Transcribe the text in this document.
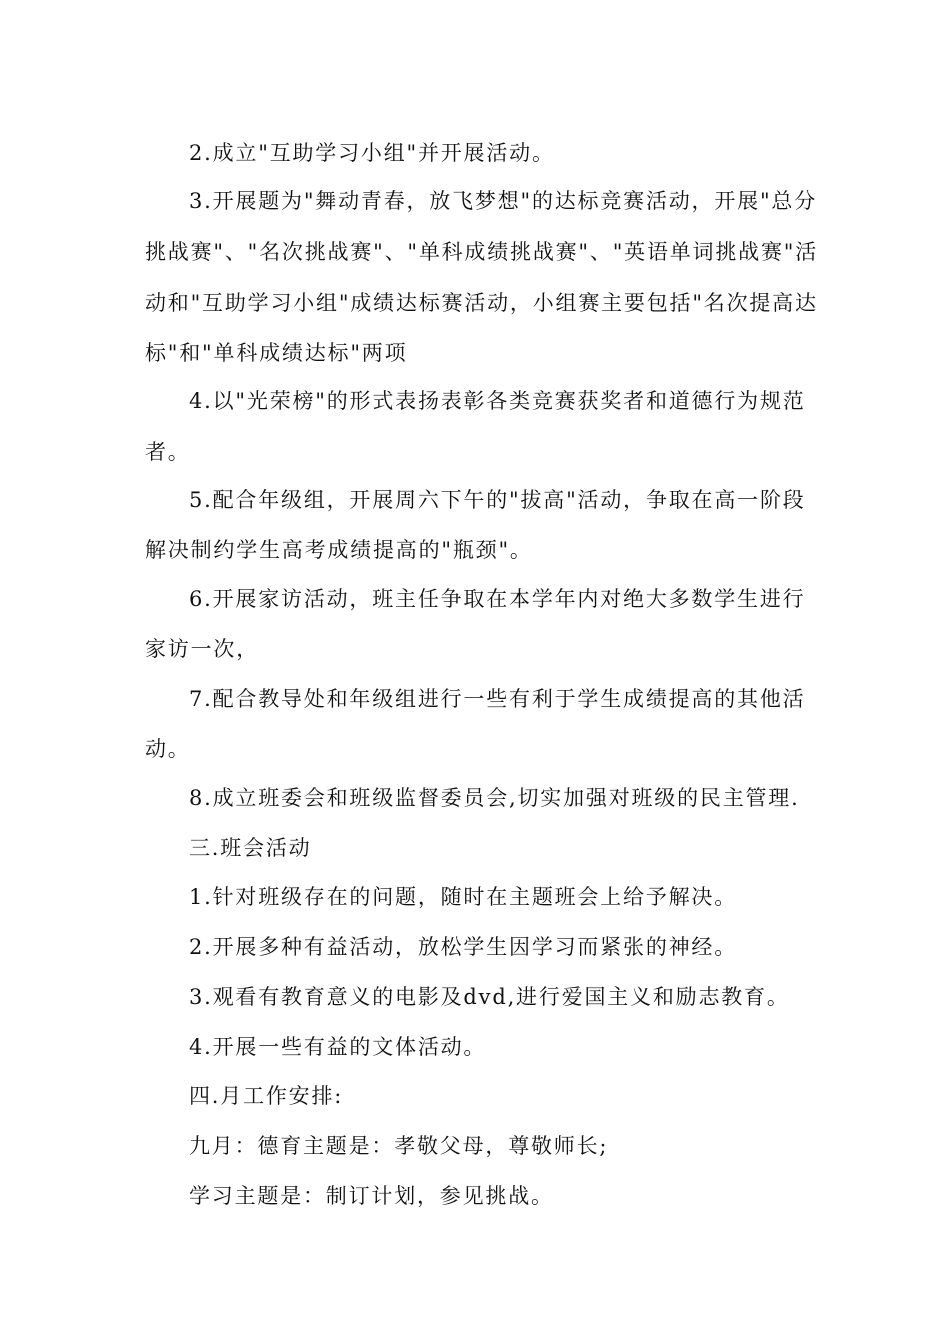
2.成立"互助学习小组"并开展活动。
3.开展题为"舞动青春，放飞梦想"的达标竞赛活动，开展"总分
挑战赛"、"名次挑战赛"、"单科成绩挑战赛"、"英语单词挑战赛"活
动和"互助学习小组"成绩达标赛活动，小组赛主要包括"名次提高达
标"和"单科成绩达标"两项
4.以"光荣榜"的形式表扬表彰各类竞赛获奖者和道德行为规范
者。
5.配合年级组，开展周六下午的"拔高"活动，争取在高一阶段
解决制约学生高考成绩提高的"瓶颈"。
6.开展家访活动，班主任争取在本学年内对绝大多数学生进行
家访一次，
7.配合教导处和年级组进行一些有利于学生成绩提高的其他活
动。
8.成立班委会和班级监督委员会,切实加强对班级的民主管理.
三.班会活动
1.针对班级存在的问题，随时在主题班会上给予解决。
2.开展多种有益活动，放松学生因学习而紧张的神经。
3.观看有教育意义的电影及dvd,进行爱国主义和励志教育。
4.开展一些有益的文体活动。
四.月工作安排:
九月：德育主题是：孝敬父母，尊敬师长;
学习主题是：制订计划，参见挑战。
